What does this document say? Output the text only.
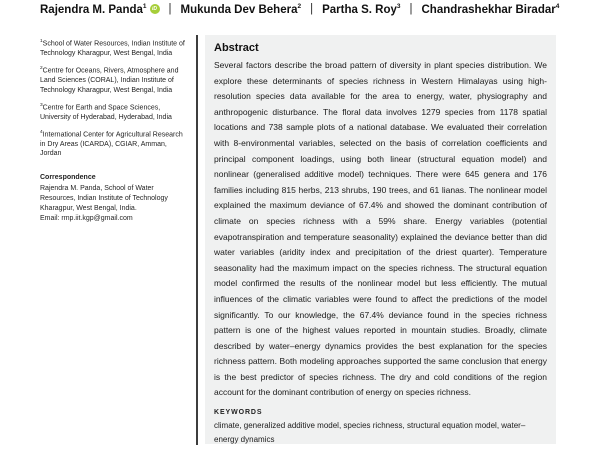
Rajendra M. Panda$^1$	iD | Mukunda Dev Behera$^2$ | Partha S. Roy$^3$ | Chandrashekhar Biradar$^4$

$^1$School of Water Resources, Indian Institute of Technology Kharagpur, West Bengal, India

$^2$Centre for Oceans, Rivers, Atmosphere and Land Sciences (CORAL), Indian Institute of Technology Kharagpur, West Bengal, India

$^3$Centre for Earth and Space Sciences, University of Hyderabad, Hyderabad, India

$^4$International Center for Agricultural Research in Dry Areas (ICARDA), CGIAR, Amman, Jordan

Correspondence

Rajendra M. Panda, School of Water Resources, Indian Institute of Technology Kharagpur, West Bengal, India.

Email: rmp.iit.kgp@gmail.com

Abstract

Several factors describe the broad pattern of diversity in plant species distribution. We explore these determinants of species richness in Western Himalayas using high-resolution species data available for the area to energy, water, physiography and anthropogenic disturbance. The floral data involves 1279 species from 1178 spatial locations and 738 sample plots of a national database. We evaluated their correlation with 8-environmental variables, selected on the basis of correlation coefficients and principal component loadings, using both linear (structural equation model) and nonlinear (generalised additive model) techniques. There were 645 genera and 176 families including 815 herbs, 213 shrubs, 190 trees, and 61 lianas. The nonlinear model explained the maximum deviance of 67.4% and showed the dominant contribution of climate on species richness with a 59% share. Energy variables (potential evapotranspiration and temperature seasonality) explained the deviance better than did water variables (aridity index and precipitation of the driest quarter). Temperature seasonality had the maximum impact on the species richness. The structural equation model confirmed the results of the nonlinear model but less efficiently. The mutual influences of the climatic variables were found to affect the predictions of the model significantly. To our knowledge, the 67.4% deviance found in the species richness pattern is one of the highest values reported in mountain studies. Broadly, climate described by water–energy dynamics provides the best explanation for the species richness pattern. Both modeling approaches supported the same conclusion that energy is the best predictor of species richness. The dry and cold conditions of the region account for the dominant contribution of energy on species richness.

KEYWORDS

climate, generalized additive model, species richness, structural equation model, water–energy dynamics
